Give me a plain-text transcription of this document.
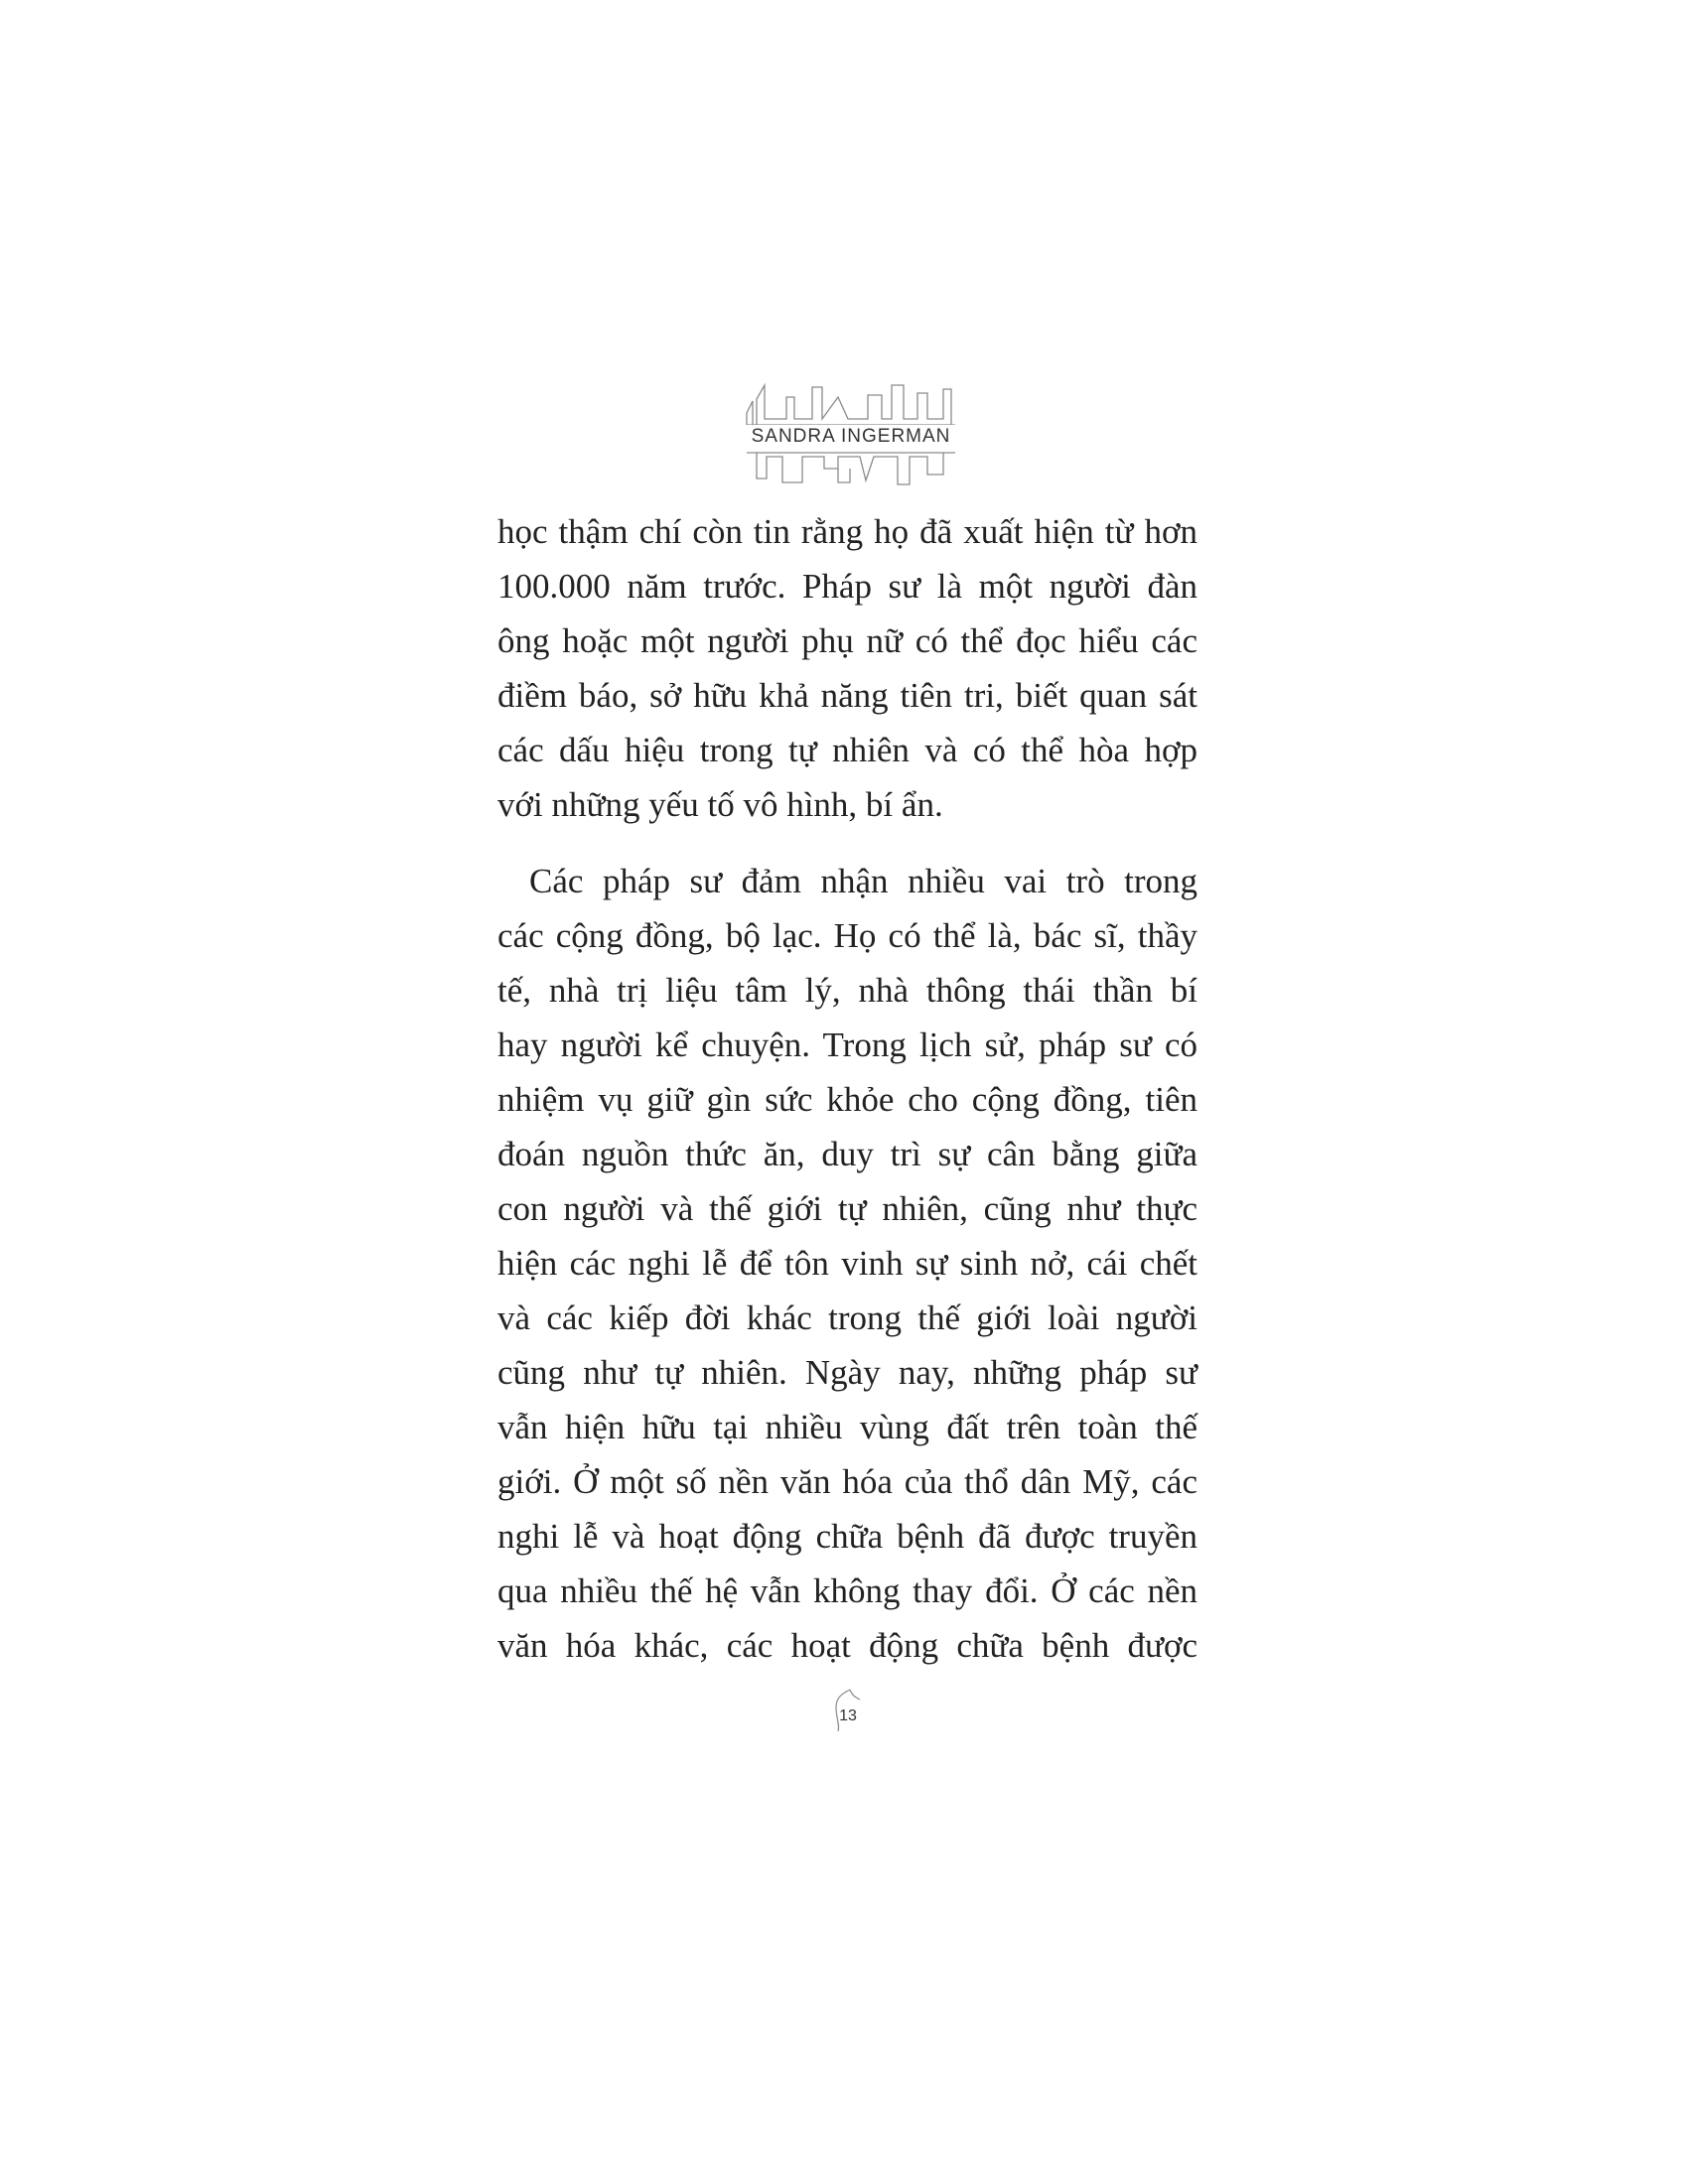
SANDRA INGERMAN

học thậm chí còn tin rằng họ đã xuất hiện từ hơn
100.000 năm trước. Pháp sư là một người đàn
ông hoặc một người phụ nữ có thể đọc hiểu các
điềm báo, sở hữu khả năng tiên tri, biết quan sát
các dấu hiệu trong tự nhiên và có thể hòa hợp
với những yếu tố vô hình, bí ẩn.

Các pháp sư đảm nhận nhiều vai trò trong
các cộng đồng, bộ lạc. Họ có thể là, bác sĩ, thầy
tế, nhà trị liệu tâm lý, nhà thông thái thần bí
hay người kể chuyện. Trong lịch sử, pháp sư có
nhiệm vụ giữ gìn sức khỏe cho cộng đồng, tiên
đoán nguồn thức ăn, duy trì sự cân bằng giữa
con người và thế giới tự nhiên, cũng như thực
hiện các nghi lễ để tôn vinh sự sinh nở, cái chết
và các kiếp đời khác trong thế giới loài người
cũng như tự nhiên. Ngày nay, những pháp sư
vẫn hiện hữu tại nhiều vùng đất trên toàn thế
giới. Ở một số nền văn hóa của thổ dân Mỹ, các
nghi lễ và hoạt động chữa bệnh đã được truyền
qua nhiều thế hệ vẫn không thay đổi. Ở các nền
văn hóa khác, các hoạt động chữa bệnh được

13
